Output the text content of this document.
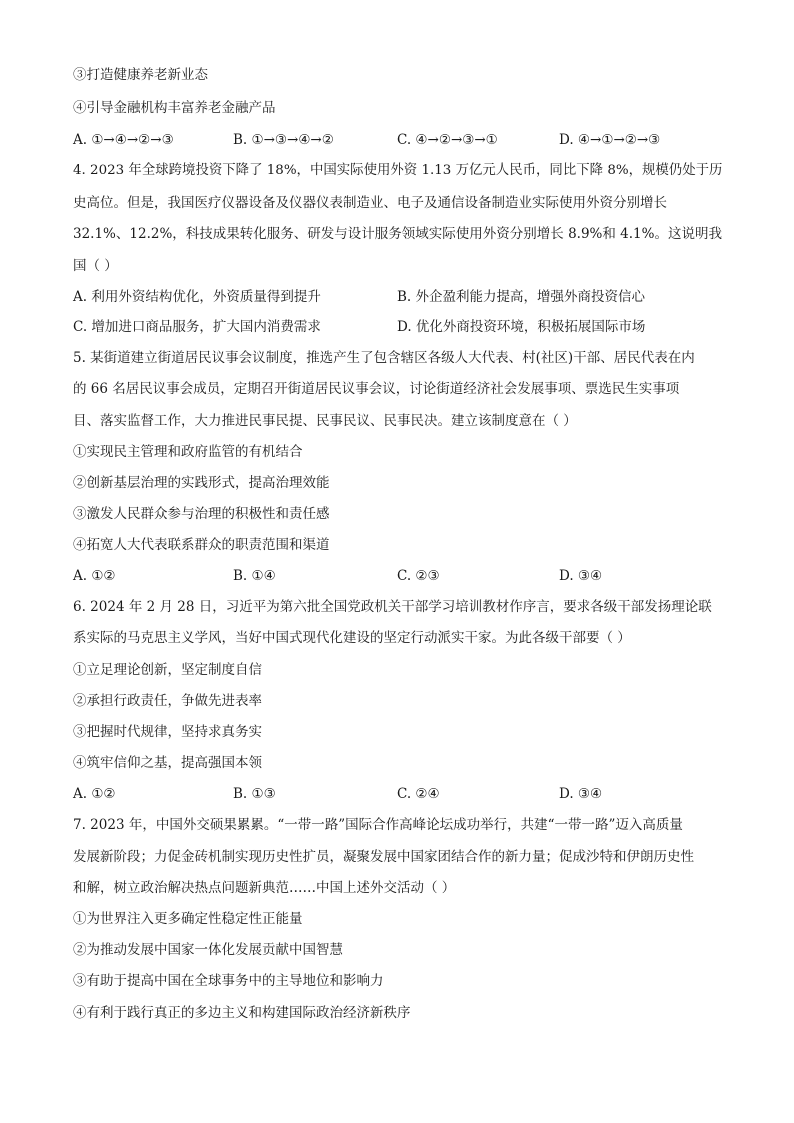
③打造健康养老新业态
④引导金融机构丰富养老金融产品
A. ①→④→②→③	B. ①→③→④→②	C. ④→②→③→①	D. ④→①→②→③
4. 2023 年全球跨境投资下降了 18%，中国实际使用外资 1.13 万亿元人民币，同比下降 8%，规模仍处于历
史高位。但是，我国医疗仪器设备及仪器仪表制造业、电子及通信设备制造业实际使用外资分别增长
32.1%、12.2%，科技成果转化服务、研发与设计服务领域实际使用外资分别增长 8.9%和 4.1%。这说明我
国（ ）
A. 利用外资结构优化，外资质量得到提升	B. 外企盈利能力提高，增强外商投资信心
C. 增加进口商品服务，扩大国内消费需求	D. 优化外商投资环境，积极拓展国际市场
5. 某街道建立街道居民议事会议制度，推选产生了包含辖区各级人大代表、村(社区)干部、居民代表在内
的 66 名居民议事会成员，定期召开街道居民议事会议，讨论街道经济社会发展事项、票选民生实事项
目、落实监督工作，大力推进民事民提、民事民议、民事民决。建立该制度意在（ ）
①实现民主管理和政府监管的有机结合
②创新基层治理的实践形式，提高治理效能
③激发人民群众参与治理的积极性和责任感
④拓宽人大代表联系群众的职责范围和渠道
A. ①②	B. ①④	C. ②③	D. ③④
6. 2024 年 2 月 28 日，习近平为第六批全国党政机关干部学习培训教材作序言，要求各级干部发扬理论联
系实际的马克思主义学风，当好中国式现代化建设的坚定行动派实干家。为此各级干部要（ ）
①立足理论创新，坚定制度自信
②承担行政责任，争做先进表率
③把握时代规律，坚持求真务实
④筑牢信仰之基，提高强国本领
A. ①②	B. ①③	C. ②④	D. ③④
7. 2023 年，中国外交硕果累累。“一带一路”国际合作高峰论坛成功举行，共建“一带一路”迈入高质量
发展新阶段；力促金砖机制实现历史性扩员，凝聚发展中国家团结合作的新力量；促成沙特和伊朗历史性
和解，树立政治解决热点问题新典范……中国上述外交活动（ ）
①为世界注入更多确定性稳定性正能量
②为推动发展中国家一体化发展贡献中国智慧
③有助于提高中国在全球事务中的主导地位和影响力
④有利于践行真正的多边主义和构建国际政治经济新秩序
